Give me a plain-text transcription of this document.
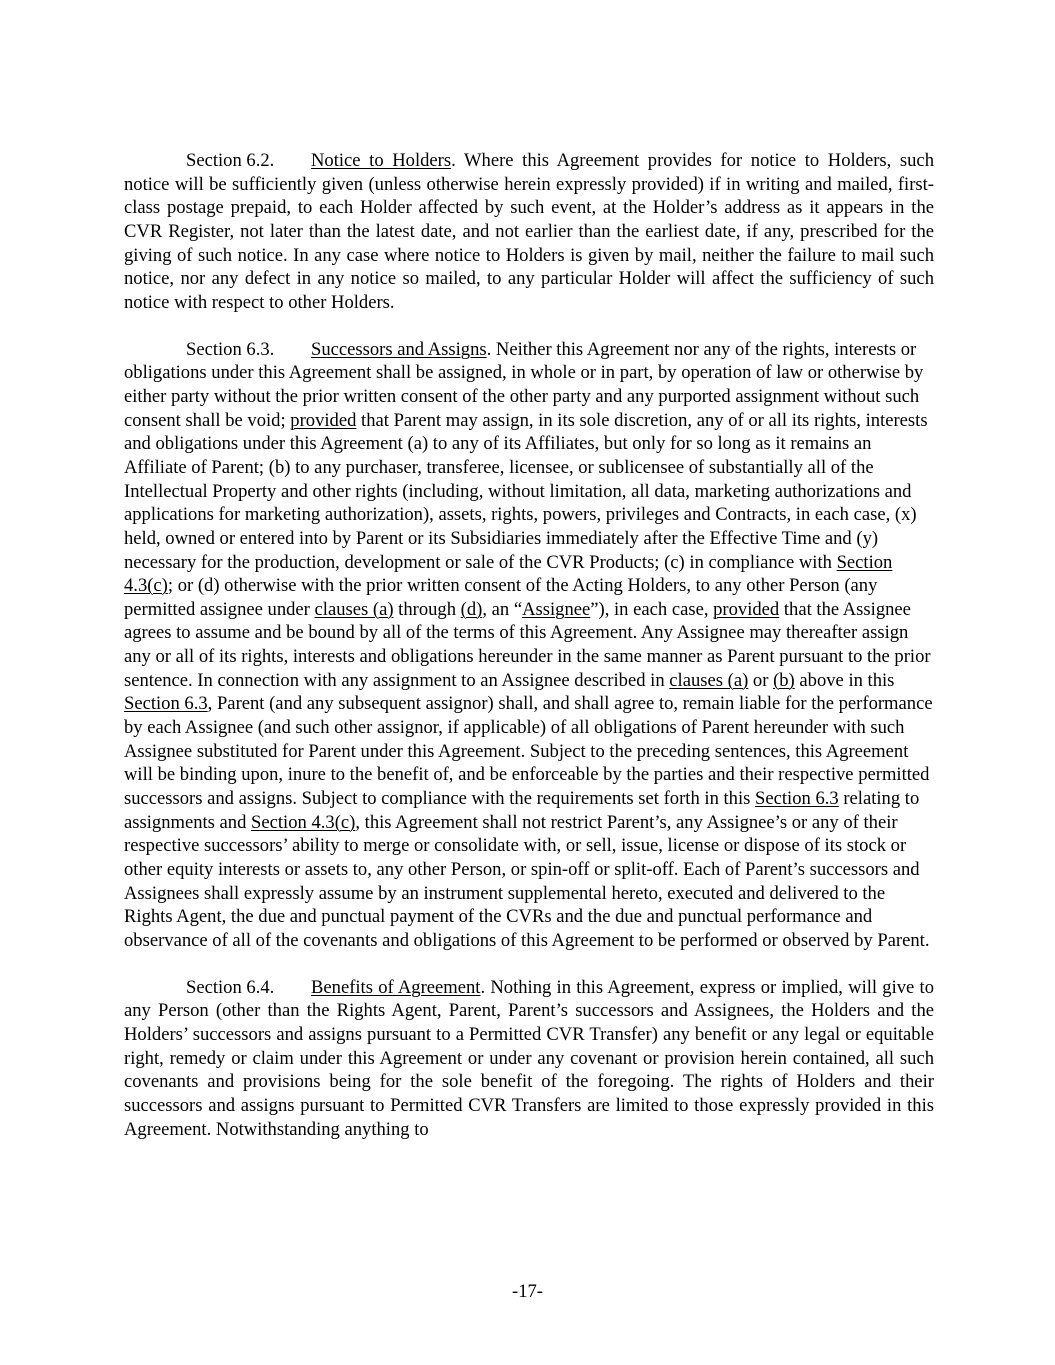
Section 6.2. Notice to Holders. Where this Agreement provides for notice to Holders, such notice will be sufficiently given (unless otherwise herein expressly provided) if in writing and mailed, first-class postage prepaid, to each Holder affected by such event, at the Holder’s address as it appears in the CVR Register, not later than the latest date, and not earlier than the earliest date, if any, prescribed for the giving of such notice. In any case where notice to Holders is given by mail, neither the failure to mail such notice, nor any defect in any notice so mailed, to any particular Holder will affect the sufficiency of such notice with respect to other Holders.

Section 6.3. Successors and Assigns. Neither this Agreement nor any of the rights, interests or obligations under this Agreement shall be assigned, in whole or in part, by operation of law or otherwise by either party without the prior written consent of the other party and any purported assignment without such consent shall be void; provided that Parent may assign, in its sole discretion, any of or all its rights, interests and obligations under this Agreement (a) to any of its Affiliates, but only for so long as it remains an Affiliate of Parent; (b) to any purchaser, transferee, licensee, or sublicensee of substantially all of the Intellectual Property and other rights (including, without limitation, all data, marketing authorizations and applications for marketing authorization), assets, rights, powers, privileges and Contracts, in each case, (x) held, owned or entered into by Parent or its Subsidiaries immediately after the Effective Time and (y) necessary for the production, development or sale of the CVR Products; (c) in compliance with Section 4.3(c); or (d) otherwise with the prior written consent of the Acting Holders, to any other Person (any permitted assignee under clauses (a) through (d), an “Assignee”), in each case, provided that the Assignee agrees to assume and be bound by all of the terms of this Agreement. Any Assignee may thereafter assign any or all of its rights, interests and obligations hereunder in the same manner as Parent pursuant to the prior sentence. In connection with any assignment to an Assignee described in clauses (a) or (b) above in this Section 6.3, Parent (and any subsequent assignor) shall, and shall agree to, remain liable for the performance by each Assignee (and such other assignor, if applicable) of all obligations of Parent hereunder with such Assignee substituted for Parent under this Agreement. Subject to the preceding sentences, this Agreement will be binding upon, inure to the benefit of, and be enforceable by the parties and their respective permitted successors and assigns. Subject to compliance with the requirements set forth in this Section 6.3 relating to assignments and Section 4.3(c), this Agreement shall not restrict Parent’s, any Assignee’s or any of their respective successors’ ability to merge or consolidate with, or sell, issue, license or dispose of its stock or other equity interests or assets to, any other Person, or spin-off or split-off. Each of Parent’s successors and Assignees shall expressly assume by an instrument supplemental hereto, executed and delivered to the Rights Agent, the due and punctual payment of the CVRs and the due and punctual performance and observance of all of the covenants and obligations of this Agreement to be performed or observed by Parent.

Section 6.4. Benefits of Agreement. Nothing in this Agreement, express or implied, will give to any Person (other than the Rights Agent, Parent, Parent’s successors and Assignees, the Holders and the Holders’ successors and assigns pursuant to a Permitted CVR Transfer) any benefit or any legal or equitable right, remedy or claim under this Agreement or under any covenant or provision herein contained, all such covenants and provisions being for the sole benefit of the foregoing. The rights of Holders and their successors and assigns pursuant to Permitted CVR Transfers are limited to those expressly provided in this Agreement. Notwithstanding anything to

-17-
